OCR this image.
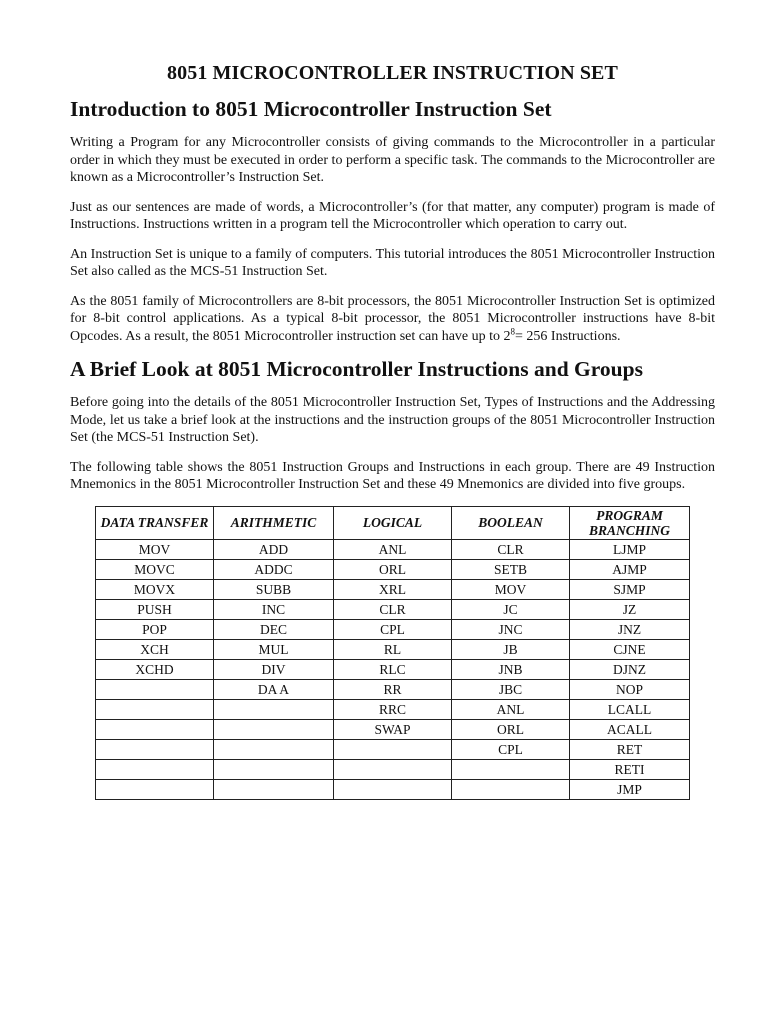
8051 MICROCONTROLLER INSTRUCTION SET
Introduction to 8051 Microcontroller Instruction Set

Writing a Program for any Microcontroller consists of giving commands to the Microcontroller in a particular order in which they must be executed in order to perform a specific task. The commands to the Microcontroller are known as a Microcontroller’s Instruction Set.

Just as our sentences are made of words, a Microcontroller’s (for that matter, any computer) program is made of Instructions. Instructions written in a program tell the Microcontroller which operation to carry out.

An Instruction Set is unique to a family of computers. This tutorial introduces the 8051 Microcontroller Instruction Set also called as the MCS-51 Instruction Set.

As the 8051 family of Microcontrollers are 8-bit processors, the 8051 Microcontroller Instruction Set is optimized for 8-bit control applications. As a typical 8-bit processor, the 8051 Microcontroller instructions have 8-bit Opcodes. As a result, the 8051 Microcontroller instruction set can have up to $2^8= 256$ Instructions.

A Brief Look at 8051 Microcontroller Instructions and Groups

Before going into the details of the 8051 Microcontroller Instruction Set, Types of Instructions and the Addressing Mode, let us take a brief look at the instructions and the instruction groups of the 8051 Microcontroller Instruction Set (the MCS-51 Instruction Set).

The following table shows the 8051 Instruction Groups and Instructions in each group. There are 49 Instruction Mnemonics in the 8051 Microcontroller Instruction Set and these 49 Mnemonics are divided into five groups.

DATA TRANSFER	ARITHMETIC	LOGICAL	BOOLEAN	PROGRAM BRANCHING
MOV	ADD	ANL	CLR	LJMP
MOVC	ADDC	ORL	SETB	AJMP
MOVX	SUBB	XRL	MOV	SJMP
PUSH	INC	CLR	JC	JZ
POP	DEC	CPL	JNC	JNZ
XCH	MUL	RL	JB	CJNE
XCHD	DIV	RLC	JNB	DJNZ
	DA A	RR	JBC	NOP
		RRC	ANL	LCALL
		SWAP	ORL	ACALL
			CPL	RET
				RETI
				JMP
